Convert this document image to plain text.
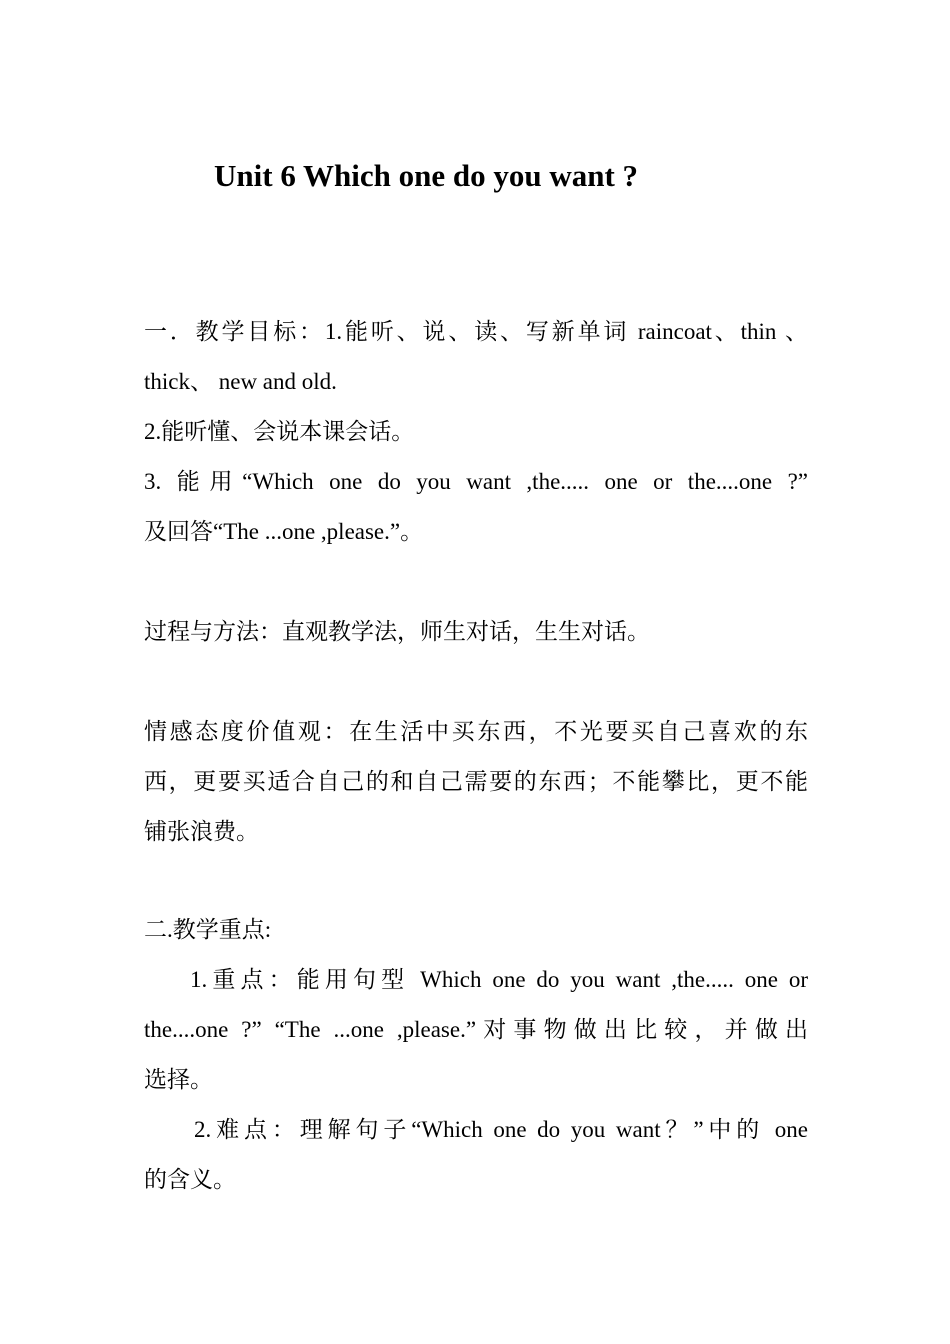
Unit 6 Which one do you want ?
一．教学目标：1.能听、说、读、写新单词 raincoat、thin 、
thick、 new and old.
2.能听懂、会说本课会话。
3. 能用“Which one do you want ,the..... one or the....one ?”
及回答“The ...one ,please.”。
过程与方法：直观教学法，师生对话，生生对话。
情感态度价值观：在生活中买东西，不光要买自己喜欢的东
西，更要买适合自己的和自己需要的东西；不能攀比，更不能
铺张浪费。
二.教学重点:
1.重点：能用句型 Which one do you want ,the..... one or
the....one ?” “The ...one ,please.”对事物做出比较，并做出
选择。
2.难点：理解句子“Which one do you want？”中的 one
的含义。
